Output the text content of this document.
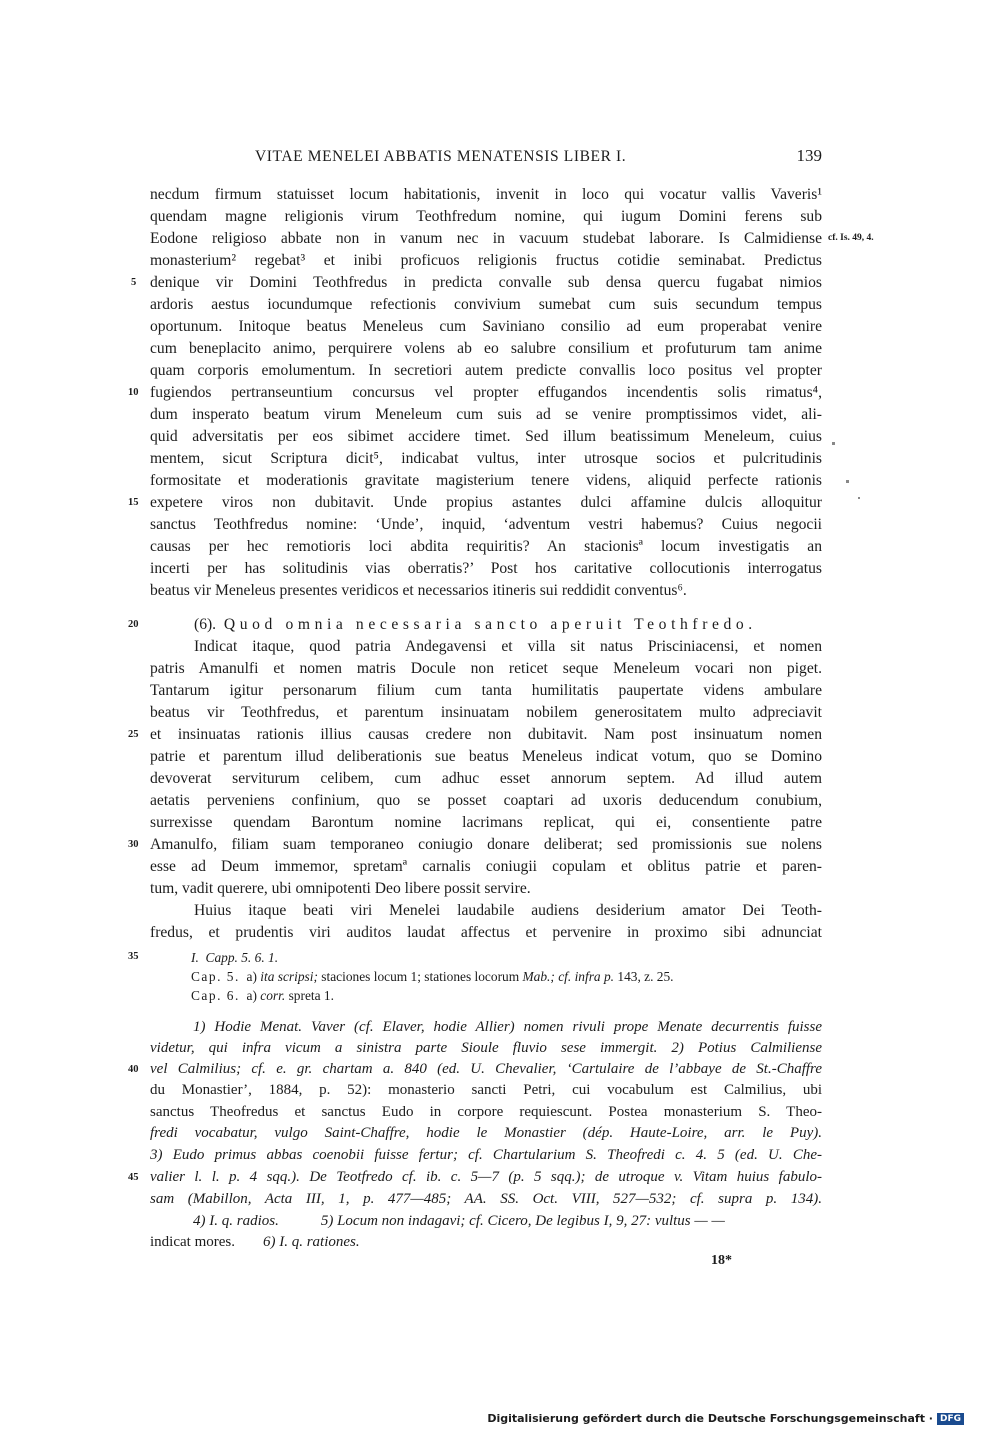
VITAE MENELEI ABBATIS MENATENSIS LIBER I.	139
necdum firmum statuisset locum habitationis, invenit in loco qui vocatur vallis Vaveris¹
quendam magne religionis virum Teothfredum nomine, qui iugum Domini ferens sub
Eodone religioso abbate non in vanum nec in vacuum studebat laborare. Is Calmidiense
monasterium² regebat³ et inibi proficuos religionis fructus cotidie seminabat. Predictus
denique vir Domini Teothfredus in predicta convalle sub densa quercu fugabat nimios
ardoris aestus iocundumque refectionis convivium sumebat cum suis secundum tempus
oportunum. Initoque beatus Meneleus cum Saviniano consilio ad eum properabat venire
cum beneplacito animo, perquirere volens ab eo salubre consilium et profuturum tam anime
quam corporis emolumentum. In secretiori autem predicte convallis loco positus vel propter
fugiendos pertranseuntium concursus vel propter effugandos incendentis solis rimatus⁴,
dum insperato beatum virum Meneleum cum suis ad se venire promptissimos videt, ali-
quid adversitatis per eos sibimet accidere timet. Sed illum beatissimum Meneleum, cuius
mentem, sicut Scriptura dicit⁵, indicabat vultus, inter utrosque socios et pulcritudinis
formositate et moderationis gravitate magisterium tenere videns, aliquid perfecte rationis
expetere viros non dubitavit. Unde propius astantes dulci affamine dulcis alloquitur
sanctus Teothfredus nomine: ‘Unde’, inquid, ‘adventum vestri habemus? Cuius negocii
causas per hec remotioris loci abdita requiritis? An stacionisª locum investigatis an
incerti per has solitudinis vias oberratis?’ Post hos caritative collocutionis interrogatus
beatus vir Meneleus presentes veridicos et necessarios itineris sui reddidit conventus⁶.
(6). Quod omnia necessaria sancto aperuit Teothfredo.
Indicat itaque, quod patria Andegavensi et villa sit natus Prisciniacensi, et nomen
patris Amanulfi et nomen matris Docule non reticet seque Meneleum vocari non piget.
Tantarum igitur personarum filium cum tanta humilitatis paupertate videns ambulare
beatus vir Teothfredus, et parentum insinuatam nobilem generositatem multo adpreciavit
et insinuatas rationis illius causas credere non dubitavit. Nam post insinuatum nomen
patrie et parentum illud deliberationis sue beatus Meneleus indicat votum, quo se Domino
devoverat serviturum celibem, cum adhuc esset annorum septem. Ad illud autem
aetatis perveniens confinium, quo se posset coaptari ad uxoris deducendum conubium,
surrexisse quendam Barontum nomine lacrimans replicat, qui ei, consentiente patre
Amanulfo, filiam suam temporaneo coniugio donare deliberat; sed promissionis sue nolens
esse ad Deum immemor, spretamª carnalis coniugii copulam et oblitus patrie et paren-
tum, vadit querere, ubi omnipotenti Deo libere possit servire.
Huius itaque beati viri Menelei laudabile audiens desiderium amator Dei Teoth-
fredus, et prudentis viri auditos laudat affectus et pervenire in proximo sibi adnunciat
cf. Is. 49, 4.
5
10
15
20
25
30
35
40
45
I. Capp. 5. 6. 1.
Cap. 5. a) ita scripsi; staciones locum 1; stationes locorum Mab.; cf. infra p. 143, z. 25.
Cap. 6. a) corr. spreta 1.
1) Hodie Menat. Vaver (cf. Elaver, hodie Allier) nomen rivuli prope Menate decurrentis fuisse
videtur, qui infra vicum a sinistra parte Sioule fluvio sese immergit. 2) Potius Calmiliense
vel Calmilius; cf. e. gr. chartam a. 840 (ed. U. Chevalier, ‘Cartulaire de l’abbaye de St.-Chaffre
du Monastier’, 1884, p. 52): monasterio sancti Petri, cui vocabulum est Calmilius, ubi
sanctus Theofredus et sanctus Eudo in corpore requiescunt. Postea monasterium S. Theo-
fredi vocabatur, vulgo Saint-Chaffre, hodie le Monastier (dép. Haute-Loire, arr. le Puy).
3) Eudo primus abbas coenobii fuisse fertur; cf. Chartularium S. Theofredi c. 4. 5 (ed. U. Che-
valier l. l. p. 4 sqq.). De Teotfredo cf. ib. c. 5—7 (p. 5 sqq.); de utroque v. Vitam huius fabulo-
sam (Mabillon, Acta III, 1, p. 477—485; AA. SS. Oct. VIII, 527—532; cf. supra p. 134).
4) I. q. radios.	5) Locum non indagavi; cf. Cicero, De legibus I, 9, 27: vultus — —
indicat mores. 6) I. q. rationes.
18*
Digitalisierung gefördert durch die Deutsche Forschungsgemeinschaft · DFG
